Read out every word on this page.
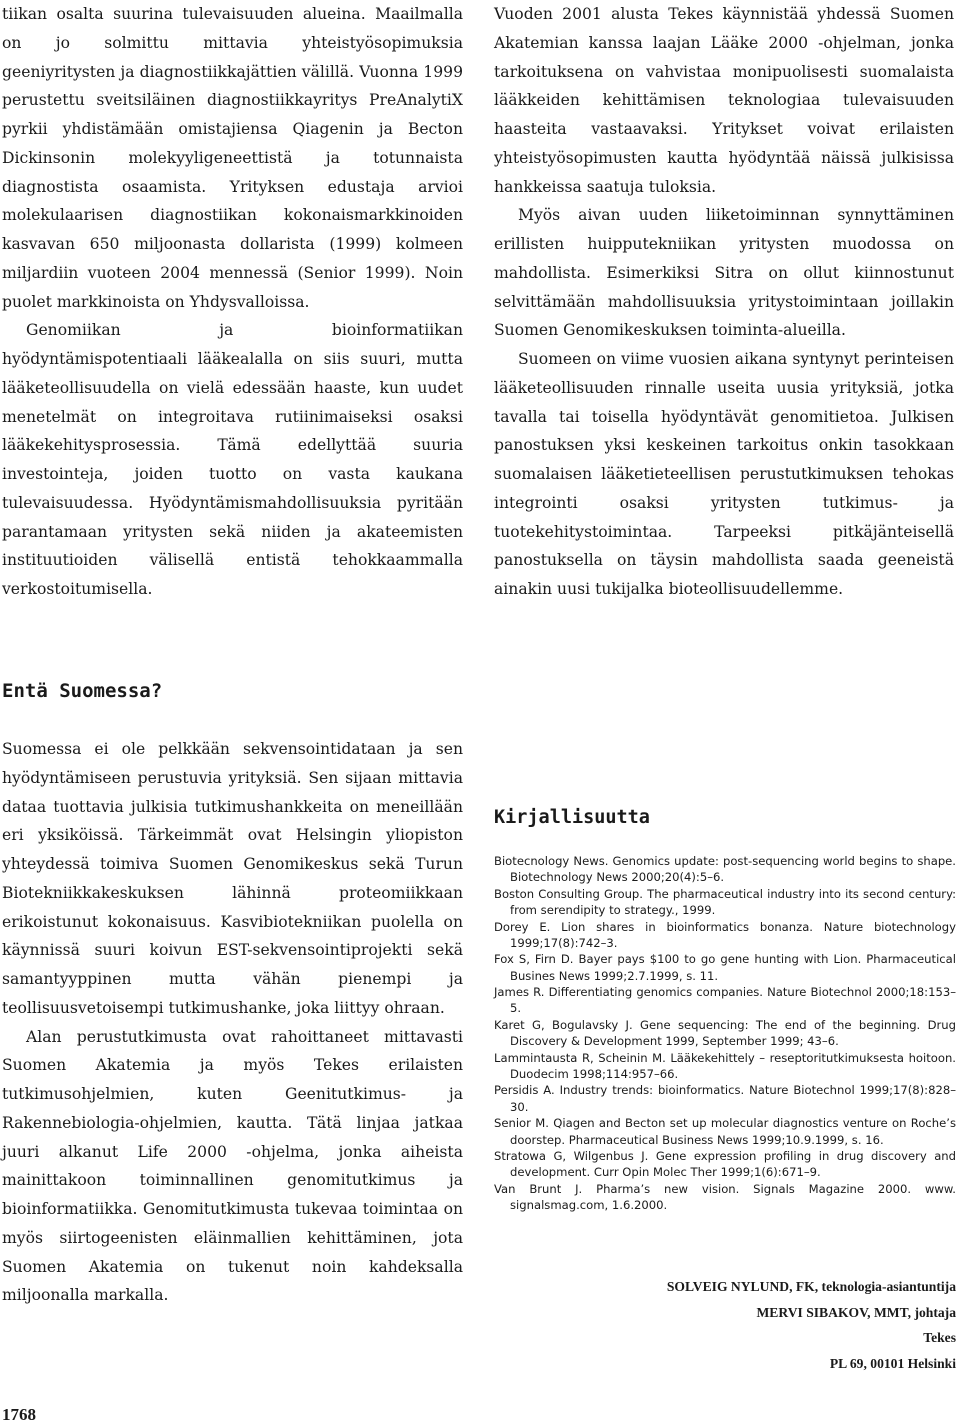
tiikan osalta suurina tulevaisuuden alueina. Maailmalla on jo solmittu mittavia yhteistyösopimuksia geeniyritysten ja diagnostiikkajättien välillä. Vuonna 1999 perustettu sveitsiläinen diagnostiikkayritys PreAnalytiX pyrkii yhdistämään omistajiensa Qiagenin ja Becton Dickinsonin molekyyligeneettistä ja totunnaista diagnostista osaamista. Yrityksen edustaja arvioi molekulaarisen diagnostiikan kokonaismarkkinoiden kasvavan 650 miljoonasta dollarista (1999) kolmeen miljardiin vuoteen 2004 mennessä (Senior 1999). Noin puolet markkinoista on Yhdysvalloissa.

Genomiikan ja bioinformatiikan hyödyntämispotentiaali lääkealalla on siis suuri, mutta lääketeollisuudella on vielä edessään haaste, kun uudet menetelmät on integroitava rutiinimaiseksi osaksi lääkekehitysprosessia. Tämä edellyttää suuria investointeja, joiden tuotto on vasta kaukana tulevaisuudessa. Hyödyntämismahdollisuuksia pyritään parantamaan yritysten sekä niiden ja akateemisten instituutioiden välisellä entistä tehokkaammalla verkostoitumisella.

Entä Suomessa?

Suomessa ei ole pelkkään sekvensointidataan ja sen hyödyntämiseen perustuvia yrityksiä. Sen sijaan mittavia dataa tuottavia julkisia tutkimushankkeita on meneillään eri yksiköissä. Tärkeimmät ovat Helsingin yliopiston yhteydessä toimiva Suomen Genomikeskus sekä Turun Biotekniikkakeskuksen lähinnä proteomiikkaan erikoistunut kokonaisuus. Kasvibiotekniikan puolella on käynnissä suuri koivun EST-sekvensointiprojekti sekä samantyyppinen mutta vähän pienempi ja teollisuusvetoisempi tutkimushanke, joka liittyy ohraan.

Alan perustutkimusta ovat rahoittaneet mittavasti Suomen Akatemia ja myös Tekes erilaisten tutkimusohjelmien, kuten Geenitutkimus- ja Rakennebiologia-ohjelmien, kautta. Tätä linjaa jatkaa juuri alkanut Life 2000 -ohjelma, jonka aiheista mainittakoon toiminnallinen genomitutkimus ja bioinformatiikka. Genomitutkimusta tukevaa toimintaa on myös siirtogeenisten eläinmallien kehittäminen, jota Suomen Akatemia on tukenut noin kahdeksalla miljoonalla markalla.

Vuoden 2001 alusta Tekes käynnistää yhdessä Suomen Akatemian kanssa laajan Lääke 2000 -ohjelman, jonka tarkoituksena on vahvistaa monipuolisesti suomalaista lääkkeiden kehittämisen teknologiaa tulevaisuuden haasteita vastaavaksi. Yritykset voivat erilaisten yhteistyösopimusten kautta hyödyntää näissä julkisissa hankkeissa saatuja tuloksia.

Myös aivan uuden liiketoiminnan synnyttäminen erillisten huipputekniikan yritysten muodossa on mahdollista. Esimerkiksi Sitra on ollut kiinnostunut selvittämään mahdollisuuksia yritystoimintaan joillakin Suomen Genomikeskuksen toiminta-alueilla.

Suomeen on viime vuosien aikana syntynyt perinteisen lääketeollisuuden rinnalle useita uusia yrityksiä, jotka tavalla tai toisella hyödyntävät genomitietoa. Julkisen panostuksen yksi keskeinen tarkoitus onkin tasokkaan suomalaisen lääketieteellisen perustutkimuksen tehokas integrointi osaksi yritysten tutkimus- ja tuotekehitystoimintaa. Tarpeeksi pitkäjänteisellä panostuksella on täysin mahdollista saada geeneistä ainakin uusi tukijalka bioteollisuudellemme.

Kirjallisuutta

Biotecnology News. Genomics update: post-sequencing world begins to shape. Biotechnology News 2000;20(4):5–6.

Boston Consulting Group. The pharmaceutical industry into its second century: from serendipity to strategy., 1999.

Dorey E. Lion shares in bioinformatics bonanza. Nature biotechnology 1999;17(8):742–3.

Fox S, Firn D. Bayer pays $100 to go gene hunting with Lion. Pharmaceutical Busines News 1999;2.7.1999, s. 11.

James R. Differentiating genomics companies. Nature Biotechnol 2000;18:153–5.

Karet G, Bogulavsky J. Gene sequencing: The end of the beginning. Drug Discovery & Development 1999, September 1999; 43–6.

Lammintausta R, Scheinin M. Lääkekehittely – reseptoritutkimuksesta hoitoon. Duodecim 1998;114:957–66.

Persidis A. Industry trends: bioinformatics. Nature Biotechnol 1999;17(8):828–30.

Senior M. Qiagen and Becton set up molecular diagnostics venture on Roche’s doorstep. Pharmaceutical Business News 1999;10.9.1999, s. 16.

Stratowa G, Wilgenbus J. Gene expression profiling in drug discovery and development. Curr Opin Molec Ther 1999;1(6):671–9.

Van Brunt J. Pharma’s new vision. Signals Magazine 2000. www. signalsmag.com, 1.6.2000.

SOLVEIG NYLUND, FK, teknologia-asiantuntija
MERVI SIBAKOV, MMT, johtaja
Tekes
PL 69, 00101 Helsinki
1768
